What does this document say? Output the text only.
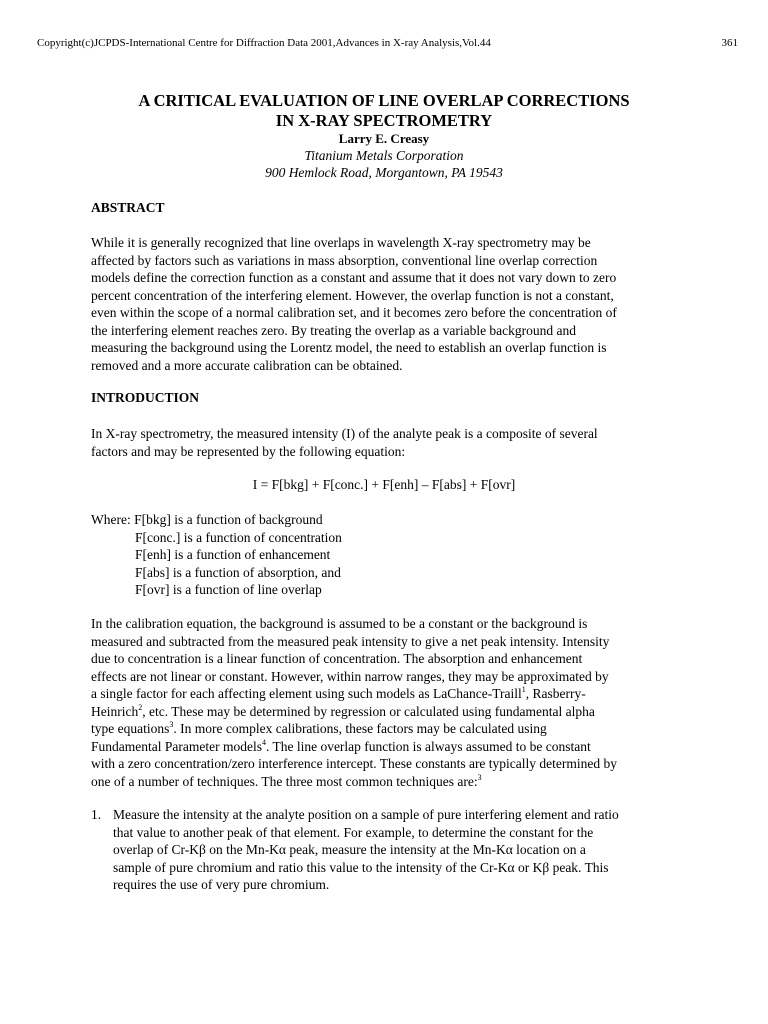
Copyright(c)JCPDS-International Centre for Diffraction Data 2001,Advances in X-ray Analysis,Vol.44	361
A CRITICAL EVALUATION OF LINE OVERLAP CORRECTIONS
IN X-RAY SPECTROMETRY
Larry E. Creasy
Titanium Metals Corporation
900 Hemlock Road, Morgantown, PA 19543
ABSTRACT
While it is generally recognized that line overlaps in wavelength X-ray spectrometry may be
affected by factors such as variations in mass absorption, conventional line overlap correction
models define the correction function as a constant and assume that it does not vary down to zero
percent concentration of the interfering element. However, the overlap function is not a constant,
even within the scope of a normal calibration set, and it becomes zero before the concentration of
the interfering element reaches zero. By treating the overlap as a variable background and
measuring the background using the Lorentz model, the need to establish an overlap function is
removed and a more accurate calibration can be obtained.
INTRODUCTION
In X-ray spectrometry, the measured intensity (I) of the analyte peak is a composite of several
factors and may be represented by the following equation:
I = F[bkg] + F[conc.] + F[enh] – F[abs] + F[ovr]
Where: F[bkg] is a function of background
F[conc.] is a function of concentration
F[enh] is a function of enhancement
F[abs] is a function of absorption, and
F[ovr] is a function of line overlap
In the calibration equation, the background is assumed to be a constant or the background is
measured and subtracted from the measured peak intensity to give a net peak intensity. Intensity
due to concentration is a linear function of concentration. The absorption and enhancement
effects are not linear or constant. However, within narrow ranges, they may be approximated by
a single factor for each affecting element using such models as LaChance-Traill$^1$, Rasberry-
Heinrich$^2$, etc. These may be determined by regression or calculated using fundamental alpha
type equations$^3$. In more complex calibrations, these factors may be calculated using
Fundamental Parameter models$^4$. The line overlap function is always assumed to be constant
with a zero concentration/zero interference intercept. These constants are typically determined by
one of a number of techniques. The three most common techniques are:$^3$
1. Measure the intensity at the analyte position on a sample of pure interfering element and ratio
that value to another peak of that element. For example, to determine the constant for the
overlap of Cr-Kβ on the Mn-Kα peak, measure the intensity at the Mn-Kα location on a
sample of pure chromium and ratio this value to the intensity of the Cr-Kα or Kβ peak. This
requires the use of very pure chromium.
